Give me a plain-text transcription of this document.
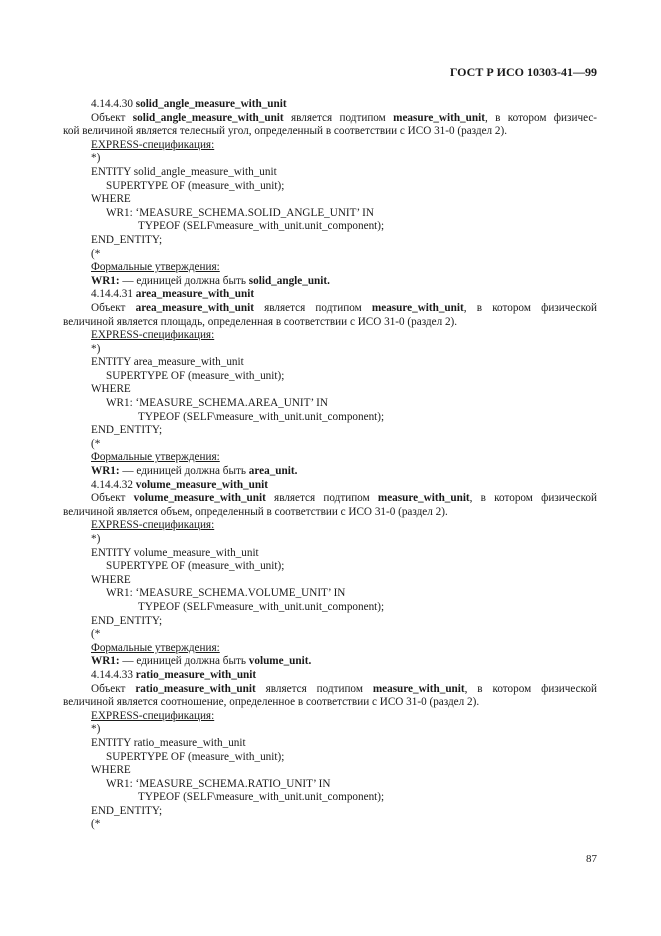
ГОСТ Р ИСО 10303-41—99
4.14.4.30 solid_angle_measure_with_unit
Объект solid_angle_measure_with_unit является подтипом measure_with_unit, в котором физичес-
кой величиной является телесный угол, определенный в соответствии с ИСО 31-0 (раздел 2).
EXPRESS-спецификация:
*)
ENTITY solid_angle_measure_with_unit
SUPERTYPE OF (measure_with_unit);
WHERE
WR1: ‘MEASURE_SCHEMA.SOLID_ANGLE_UNIT’ IN
TYPEOF (SELF\measure_with_unit.unit_component);
END_ENTITY;
(*
Формальные утверждения:
WR1: — единицей должна быть solid_angle_unit.
4.14.4.31 area_measure_with_unit
Объект area_measure_with_unit является подтипом measure_with_unit, в котором физической
величиной является площадь, определенная в соответствии с ИСО 31-0 (раздел 2).
EXPRESS-спецификация:
*)
ENTITY area_measure_with_unit
SUPERTYPE OF (measure_with_unit);
WHERE
WR1: ‘MEASURE_SCHEMA.AREA_UNIT’ IN
TYPEOF (SELF\measure_with_unit.unit_component);
END_ENTITY;
(*
Формальные утверждения:
WR1: — единицей должна быть area_unit.
4.14.4.32 volume_measure_with_unit
Объект volume_measure_with_unit является подтипом measure_with_unit, в котором физической
величиной является объем, определенный в соответствии с ИСО 31-0 (раздел 2).
EXPRESS-спецификация:
*)
ENTITY volume_measure_with_unit
SUPERTYPE OF (measure_with_unit);
WHERE
WR1: ‘MEASURE_SCHEMA.VOLUME_UNIT’ IN
TYPEOF (SELF\measure_with_unit.unit_component);
END_ENTITY;
(*
Формальные утверждения:
WR1: — единицей должна быть volume_unit.
4.14.4.33 ratio_measure_with_unit
Объект ratio_measure_with_unit является подтипом measure_with_unit, в котором физической
величиной является соотношение, определенное в соответствии с ИСО 31-0 (раздел 2).
EXPRESS-спецификация:
*)
ENTITY ratio_measure_with_unit
SUPERTYPE OF (measure_with_unit);
WHERE
WR1: ‘MEASURE_SCHEMA.RATIO_UNIT’ IN
TYPEOF (SELF\measure_with_unit.unit_component);
END_ENTITY;
(*
87
